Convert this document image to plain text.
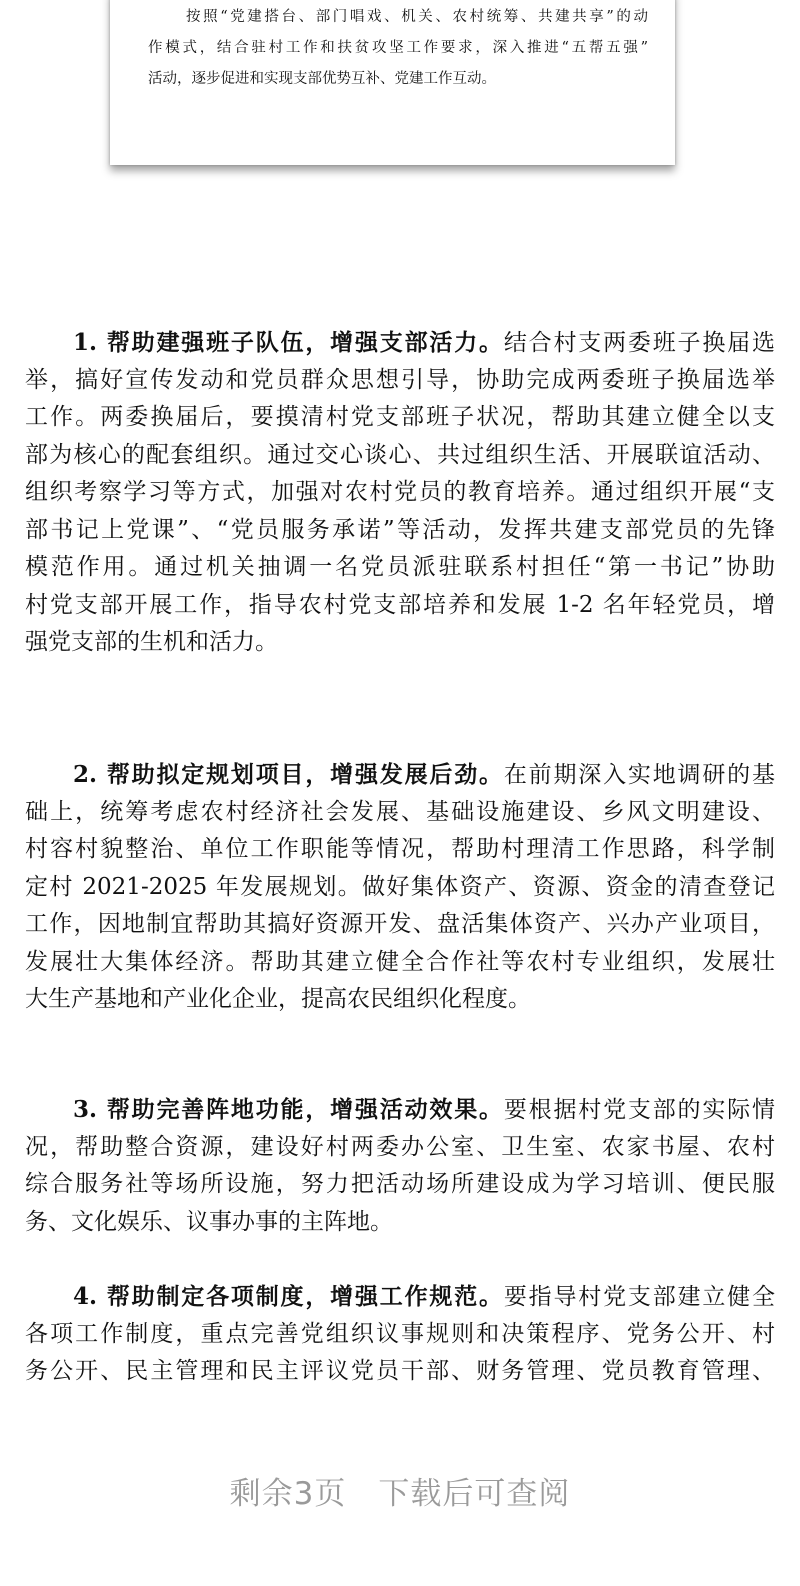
按照“党建搭台、部门唱戏、机关、农村统筹、共建共享”的动
作模式，结合驻村工作和扶贫攻坚工作要求，深入推进“五帮五强”
活动，逐步促进和实现支部优势互补、党建工作互动。
1. 帮助建强班子队伍，增强支部活力。结合村支两委班子换届选
举，搞好宣传发动和党员群众思想引导，协助完成两委班子换届选举
工作。两委换届后，要摸清村党支部班子状况，帮助其建立健全以支
部为核心的配套组织。通过交心谈心、共过组织生活、开展联谊活动、
组织考察学习等方式，加强对农村党员的教育培养。通过组织开展“支
部书记上党课”、“党员服务承诺”等活动，发挥共建支部党员的先锋
模范作用。通过机关抽调一名党员派驻联系村担任“第一书记”协助
村党支部开展工作，指导农村党支部培养和发展 1-2 名年轻党员，增
强党支部的生机和活力。
2. 帮助拟定规划项目，增强发展后劲。在前期深入实地调研的基
础上，统筹考虑农村经济社会发展、基础设施建设、乡风文明建设、
村容村貌整治、单位工作职能等情况，帮助村理清工作思路，科学制
定村 2021-2025 年发展规划。做好集体资产、资源、资金的清查登记
工作，因地制宜帮助其搞好资源开发、盘活集体资产、兴办产业项目，
发展壮大集体经济。帮助其建立健全合作社等农村专业组织，发展壮
大生产基地和产业化企业，提高农民组织化程度。
3. 帮助完善阵地功能，增强活动效果。要根据村党支部的实际情
况，帮助整合资源，建设好村两委办公室、卫生室、农家书屋、农村
综合服务社等场所设施，努力把活动场所建设成为学习培训、便民服
务、文化娱乐、议事办事的主阵地。
4. 帮助制定各项制度，增强工作规范。要指导村党支部建立健全
各项工作制度，重点完善党组织议事规则和决策程序、党务公开、村
务公开、民主管理和民主评议党员干部、财务管理、党员教育管理、
剩余3页  下载后可查阅
